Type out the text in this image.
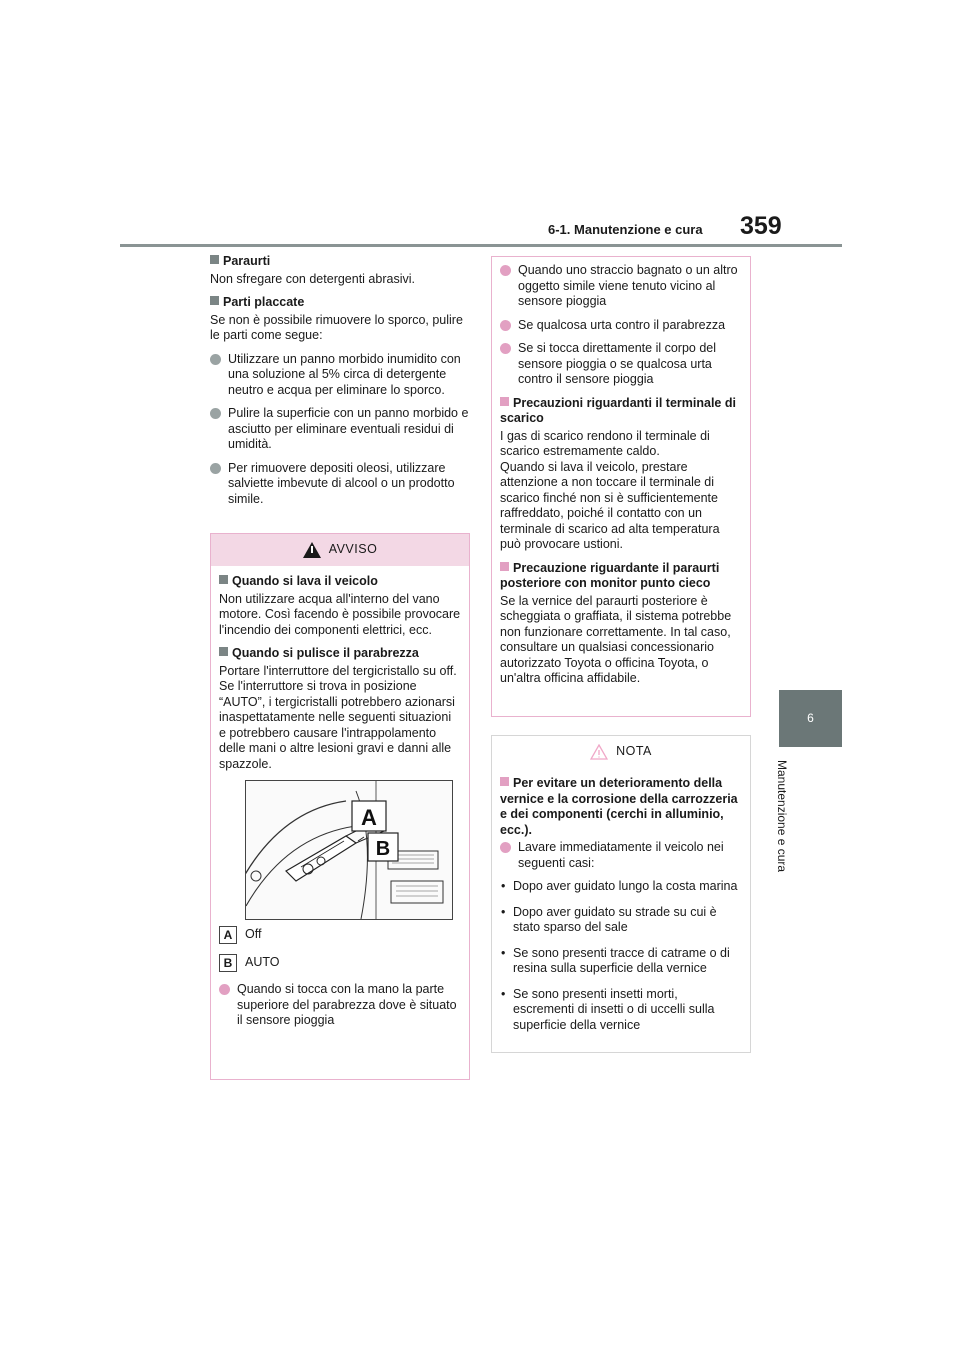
6-1. Manutenzione e cura 359
6
Manutenzione e cura
Paraurti
Non sfregare con detergenti abrasivi.
Parti placcate
Se non è possibile rimuovere lo sporco, pulire le parti come segue:
Utilizzare un panno morbido inumidito con una soluzione al 5% circa di detergente neutro e acqua per eliminare lo sporco.
Pulire la superficie con un panno morbido e asciutto per eliminare eventuali residui di umidità.
Per rimuovere depositi oleosi, utilizzare salviette imbevute di alcool o un prodotto simile.
AVVISO
Quando si lava il veicolo
Non utilizzare acqua all'interno del vano motore. Così facendo è possibile provocare l'incendio dei componenti elettrici, ecc.
Quando si pulisce il parabrezza
Portare l'interruttore del tergicristallo su off.
Se l'interruttore si trova in posizione “AUTO”, i tergicristalli potrebbero azionarsi inaspettatamente nelle seguenti situazioni e potrebbero causare l'intrappolamento delle mani o altre lesioni gravi e danni alle spazzole.
A
B
A	Off
B	AUTO
Quando si tocca con la mano la parte superiore del parabrezza dove è situato il sensore pioggia
Quando uno straccio bagnato o un altro oggetto simile viene tenuto vicino al sensore pioggia
Se qualcosa urta contro il parabrezza
Se si tocca direttamente il corpo del sensore pioggia o se qualcosa urta contro il sensore pioggia
Precauzioni riguardanti il terminale di scarico
I gas di scarico rendono il terminale di scarico estremamente caldo.
Quando si lava il veicolo, prestare attenzione a non toccare il terminale di scarico finché non si è sufficientemente raffreddato, poiché il contatto con un terminale di scarico ad alta temperatura può provocare ustioni.
Precauzione riguardante il paraurti posteriore con monitor punto cieco
Se la vernice del paraurti posteriore è scheggiata o graffiata, il sistema potrebbe non funzionare correttamente. In tal caso, consultare un qualsiasi concessionario autorizzato Toyota o officina Toyota, o un'altra officina affidabile.
NOTA
Per evitare un deterioramento della vernice e la corrosione della carrozzeria e dei componenti (cerchi in alluminio, ecc.).
Lavare immediatamente il veicolo nei seguenti casi:
• Dopo aver guidato lungo la costa marina
• Dopo aver guidato su strade su cui è stato sparso del sale
• Se sono presenti tracce di catrame o di resina sulla superficie della vernice
• Se sono presenti insetti morti, escrementi di insetti o di uccelli sulla superficie della vernice
